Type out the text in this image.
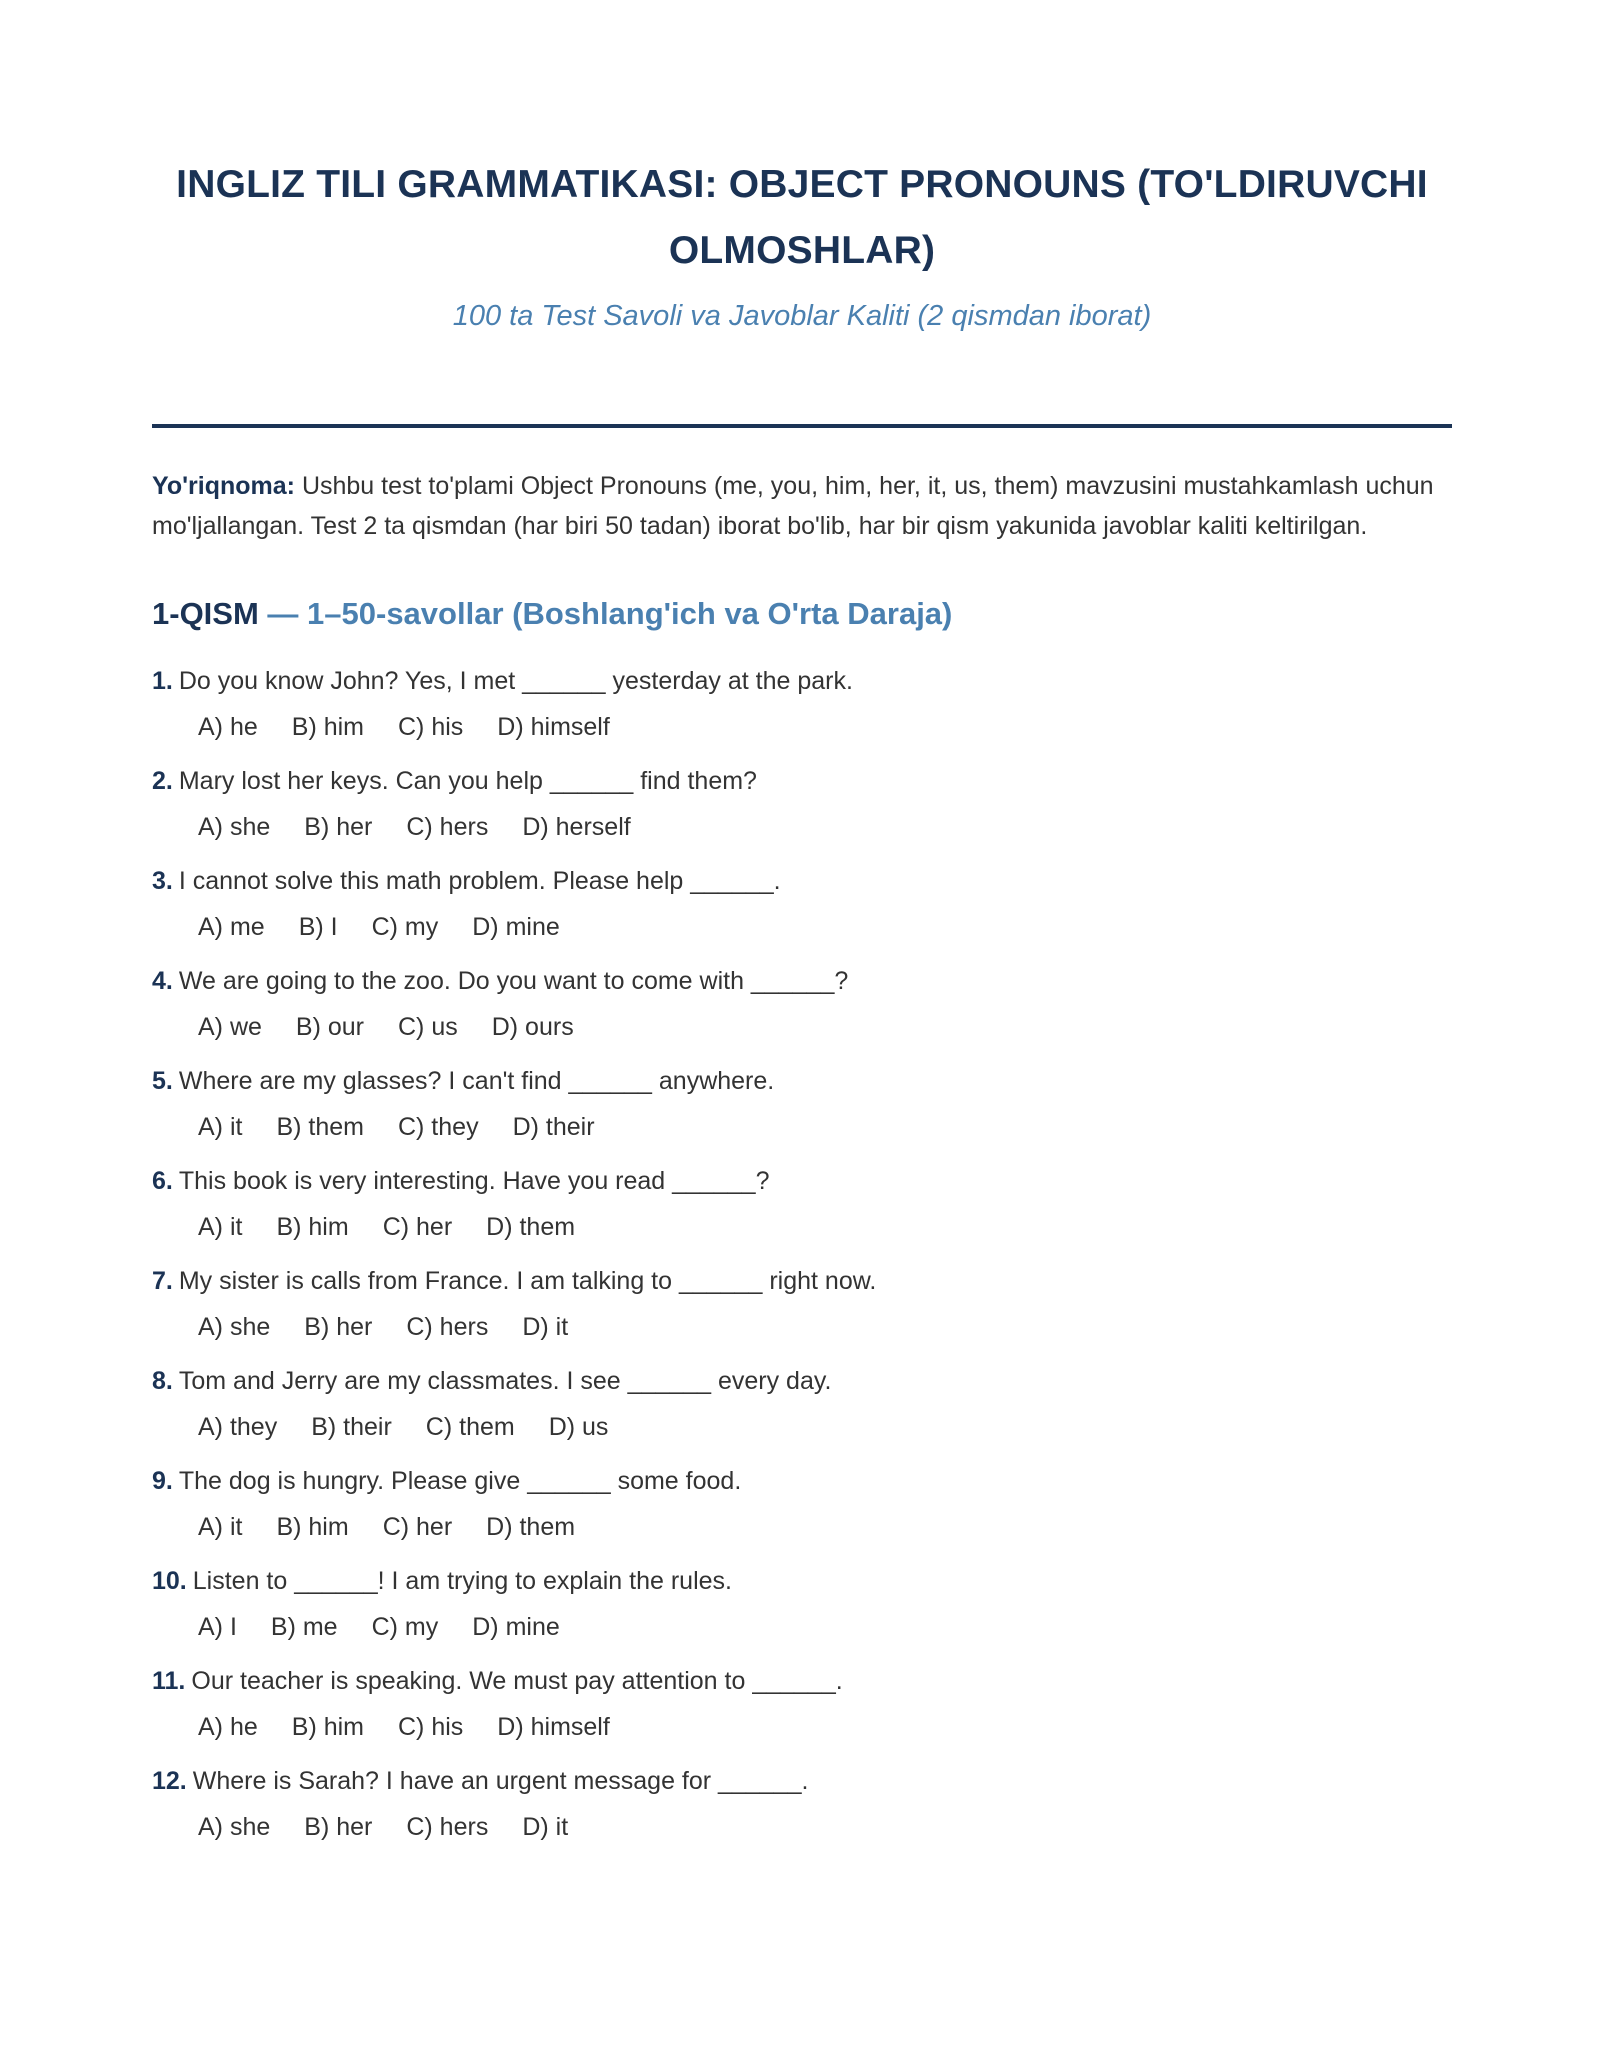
INGLIZ TILI GRAMMATIKASI: OBJECT PRONOUNS (TO'LDIRUVCHI OLMOSHLAR)
100 ta Test Savoli va Javoblar Kaliti (2 qismdan iborat)
Yo'riqnoma: Ushbu test to'plami Object Pronouns (me, you, him, her, it, us, them) mavzusini mustahkamlash uchun mo'ljallangan. Test 2 ta qismdan (har biri 50 tadan) iborat bo'lib, har bir qism yakunida javoblar kaliti keltirilgan.
1-QISM — 1–50-savollar (Boshlang'ich va O'rta Daraja)
1. Do you know John? Yes, I met ______ yesterday at the park.
A) he B) him C) his D) himself
2. Mary lost her keys. Can you help ______ find them?
A) she B) her C) hers D) herself
3. I cannot solve this math problem. Please help ______.
A) me B) I C) my D) mine
4. We are going to the zoo. Do you want to come with ______?
A) we B) our C) us D) ours
5. Where are my glasses? I can't find ______ anywhere.
A) it B) them C) they D) their
6. This book is very interesting. Have you read ______?
A) it B) him C) her D) them
7. My sister is calls from France. I am talking to ______ right now.
A) she B) her C) hers D) it
8. Tom and Jerry are my classmates. I see ______ every day.
A) they B) their C) them D) us
9. The dog is hungry. Please give ______ some food.
A) it B) him C) her D) them
10. Listen to ______! I am trying to explain the rules.
A) I B) me C) my D) mine
11. Our teacher is speaking. We must pay attention to ______.
A) he B) him C) his D) himself
12. Where is Sarah? I have an urgent message for ______.
A) she B) her C) hers D) it
